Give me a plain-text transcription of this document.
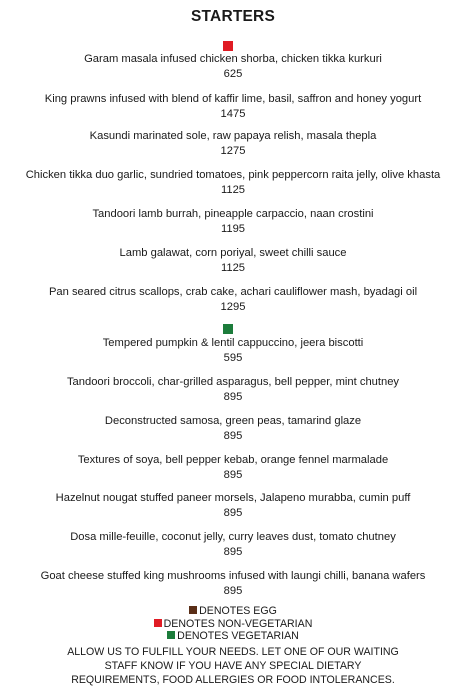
STARTERS
Garam masala infused chicken shorba, chicken tikka kurkuri
625
King prawns infused with blend of kaffir lime, basil, saffron and honey yogurt
1475
Kasundi marinated sole, raw papaya relish, masala thepla
1275
Chicken tikka duo garlic, sundried tomatoes, pink peppercorn raita jelly, olive khasta
1125
Tandoori lamb burrah, pineapple carpaccio, naan crostini
1195
Lamb galawat, corn poriyal, sweet chilli sauce
1125
Pan seared citrus scallops, crab cake, achari cauliflower mash, byadagi oil
1295
Tempered pumpkin & lentil cappuccino, jeera biscotti
595
Tandoori broccoli, char-grilled asparagus, bell pepper, mint chutney
895
Deconstructed samosa, green peas, tamarind glaze
895
Textures of soya, bell pepper kebab, orange fennel marmalade
895
Hazelnut nougat stuffed paneer morsels, Jalapeno murabba, cumin puff
895
Dosa mille-feuille, coconut jelly, curry leaves dust, tomato chutney
895
Goat cheese stuffed king mushrooms infused with laungi chilli, banana wafers
895
DENOTES EGG
DENOTES NON-VEGETARIAN
DENOTES VEGETARIAN
ALLOW US TO FULFILL YOUR NEEDS. LET ONE OF OUR WAITING STAFF KNOW IF YOU HAVE ANY SPECIAL DIETARY REQUIREMENTS, FOOD ALLERGIES OR FOOD INTOLERANCES.
